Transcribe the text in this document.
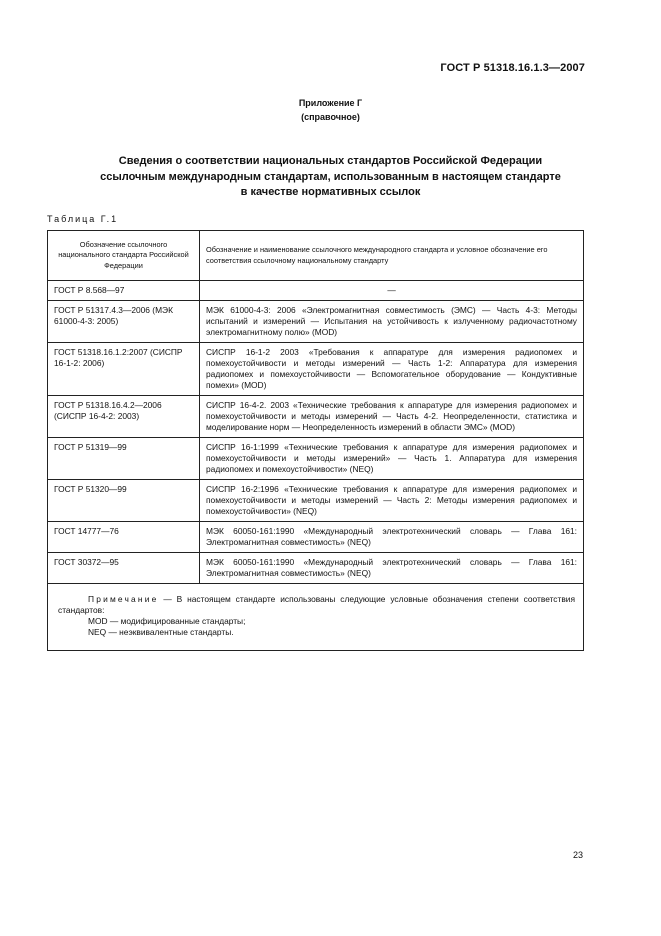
ГОСТ Р 51318.16.1.3—2007
Приложение Г
(справочное)
Сведения о соответствии национальных стандартов Российской Федерации
ссылочным международным стандартам, использованным в настоящем стандарте
в качестве нормативных ссылок
Таблица Г.1
Обозначение ссылочного национального стандарта Российской Федерации	Обозначение и наименование ссылочного международного стандарта и условное обозначение его соответствия ссылочному национальному стандарту
ГОСТ Р 8.568—97	—
ГОСТ Р 51317.4.3—2006 (МЭК 61000-4-3: 2005)	МЭК 61000-4-3: 2006 «Электромагнитная совместимость (ЭМС) — Часть 4-3: Методы испытаний и измерений — Испытания на устойчивость к излученному радиочастотному электромагнитному полю» (MOD)
ГОСТ 51318.16.1.2:2007 (СИСПР 16-1-2: 2006)	СИСПР 16-1-2 2003 «Требования к аппаратуре для измерения радиопомех и помехоустойчивости и методы измерений — Часть 1-2: Аппаратура для измерения радиопомех и помехоустойчивости — Вспомогательное оборудование — Кондуктивные помехи» (MOD)
ГОСТ Р 51318.16.4.2—2006 (СИСПР 16-4-2: 2003)	СИСПР 16-4-2. 2003 «Технические требования к аппаратуре для измерения радиопомех и помехоустойчивости и методы измерений — Часть 4-2. Неопределенности, статистика и моделирование норм — Неопределенность измерений в области ЭМС» (MOD)
ГОСТ Р 51319—99	СИСПР 16-1:1999 «Технические требования к аппаратуре для измерения радиопомех и помехоустойчивости и методы измерений» — Часть 1. Аппаратура для измерения радиопомех и помехоустойчивости» (NEQ)
ГОСТ Р 51320—99	СИСПР 16-2:1996 «Технические требования к аппаратуре для измерения радиопомех и помехоустойчивости и методы измерений — Часть 2: Методы измерения радиопомех и помехоустойчивости» (NEQ)
ГОСТ 14777—76	МЭК 60050-161:1990 «Международный электротехнический словарь — Глава 161: Электромагнитная совместимость» (NEQ)
ГОСТ 30372—95	МЭК 60050-161:1990 «Международный электротехнический словарь — Глава 161: Электромагнитная совместимость» (NEQ)

Примечание — В настоящем стандарте использованы следующие условные обозначения степени соответствия стандартов:

MOD — модифицированные стандарты;

NEQ — неэквивалентные стандарты.	

23
